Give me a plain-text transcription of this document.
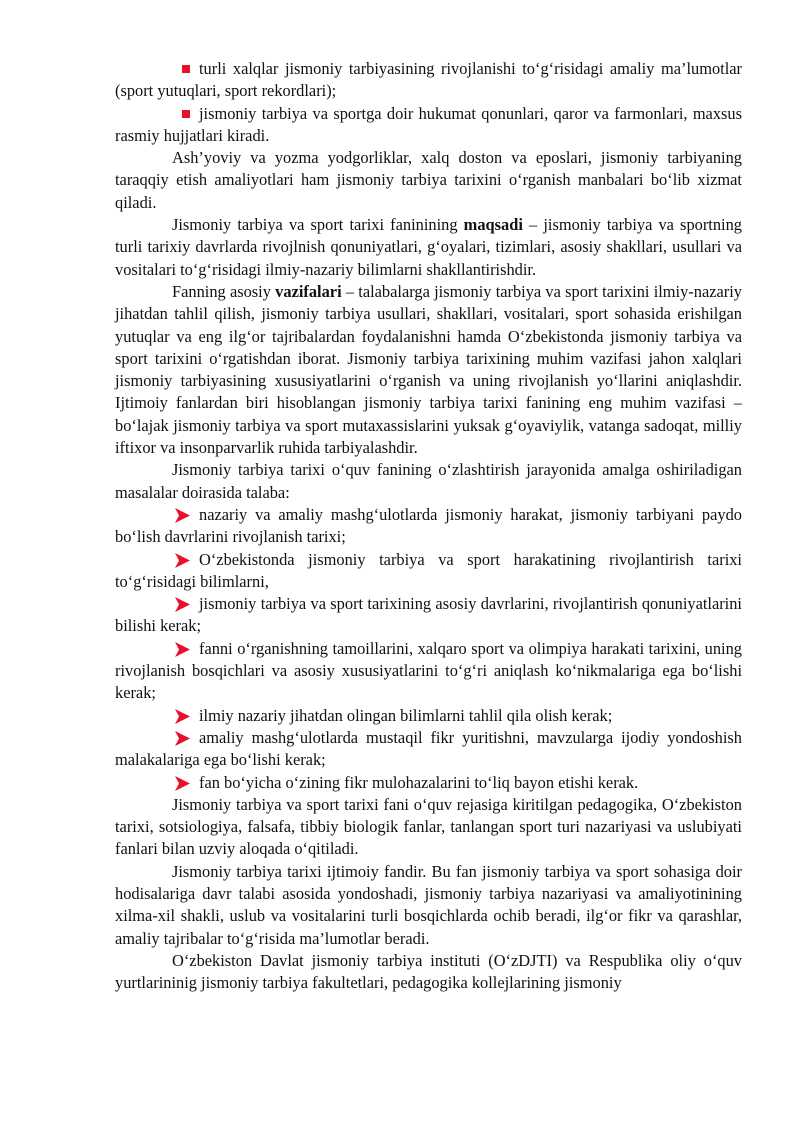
turli xalqlar jismoniy tarbiyasining rivojlanishi to‘g‘risidagi amaliy ma’lumotlar (sport yutuqlari, sport rekordlari);

jismoniy tarbiya va sportga doir hukumat qonunlari, qaror va farmonlari, maxsus rasmiy hujjatlari kiradi.

Ash’yoviy va yozma yodgorliklar, xalq doston va eposlari, jismoniy tarbiyaning taraqqiy etish amaliyotlari ham jismoniy tarbiya tarixini o‘rganish manbalari bo‘lib xizmat qiladi.

Jismoniy tarbiya va sport tarixi faninining maqsadi – jismoniy tarbiya va sportning turli tarixiy davrlarda rivojlnish qonuniyatlari, g‘oyalari, tizimlari, asosiy shakllari, usullari va vositalari to‘g‘risidagi ilmiy-nazariy bilimlarni shakllantirishdir.

Fanning asosiy vazifalari – talabalarga jismoniy tarbiya va sport tarixini ilmiy-nazariy jihatdan tahlil qilish, jismoniy tarbiya usullari, shakllari, vositalari, sport sohasida erishilgan yutuqlar va eng ilg‘or tajribalardan foydalanishni hamda O‘zbekistonda jismoniy tarbiya va sport tarixini o‘rgatishdan iborat. Jismoniy tarbiya tarixining muhim vazifasi jahon xalqlari jismoniy tarbiyasining xususiyatlarini o‘rganish va uning rivojlanish yo‘llarini aniqlashdir. Ijtimoiy fanlardan biri hisoblangan jismoniy tarbiya tarixi fanining eng muhim vazifasi – bo‘lajak jismoniy tarbiya va sport mutaxassislarini yuksak g‘oyaviylik, vatanga sadoqat, milliy iftixor va insonparvarlik ruhida tarbiyalashdir.

Jismoniy tarbiya tarixi o‘quv fanining o‘zlashtirish jarayonida amalga oshiriladigan masalalar doirasida talaba:

nazariy va amaliy mashg‘ulotlarda jismoniy harakat, jismoniy tarbiyani paydo bo‘lish davrlarini rivojlanish tarixi;

O‘zbekistonda jismoniy tarbiya va sport harakatining rivojlantirish tarixi to‘g‘risidagi bilimlarni,

jismoniy tarbiya va sport tarixining asosiy davrlarini, rivojlantirish qonuniyatlarini bilishi kerak;

fanni o‘rganishning tamoillarini, xalqaro sport va olimpiya harakati tarixini, uning rivojlanish bosqichlari va asosiy xususiyatlarini to‘g‘ri aniqlash ko‘nikmalariga ega bo‘lishi kerak;

ilmiy nazariy jihatdan olingan bilimlarni tahlil qila olish kerak;

amaliy mashg‘ulotlarda mustaqil fikr yuritishni, mavzularga ijodiy yondoshish malakalariga ega bo‘lishi kerak;

fan bo‘yicha o‘zining fikr mulohazalarini to‘liq bayon etishi kerak.

Jismoniy tarbiya va sport tarixi fani o‘quv rejasiga kiritilgan pedagogika, O‘zbekiston tarixi, sotsiologiya, falsafa, tibbiy biologik fanlar, tanlangan sport turi nazariyasi va uslubiyati fanlari bilan uzviy aloqada o‘qitiladi.

Jismoniy tarbiya tarixi ijtimoiy fandir. Bu fan jismoniy tarbiya va sport sohasiga doir hodisalariga davr talabi asosida yondoshadi, jismoniy tarbiya nazariyasi va amaliyotinining xilma-xil shakli, uslub va vositalarini turli bosqichlarda ochib beradi, ilg‘or fikr va qarashlar, amaliy tajribalar to‘g‘risida ma’lumotlar beradi.

O‘zbekiston Davlat jismoniy tarbiya instituti (O‘zDJTI) va Respublika oliy o‘quv yurtlarininig jismoniy tarbiya fakultetlari, pedagogika kollejlarining jismoniy
